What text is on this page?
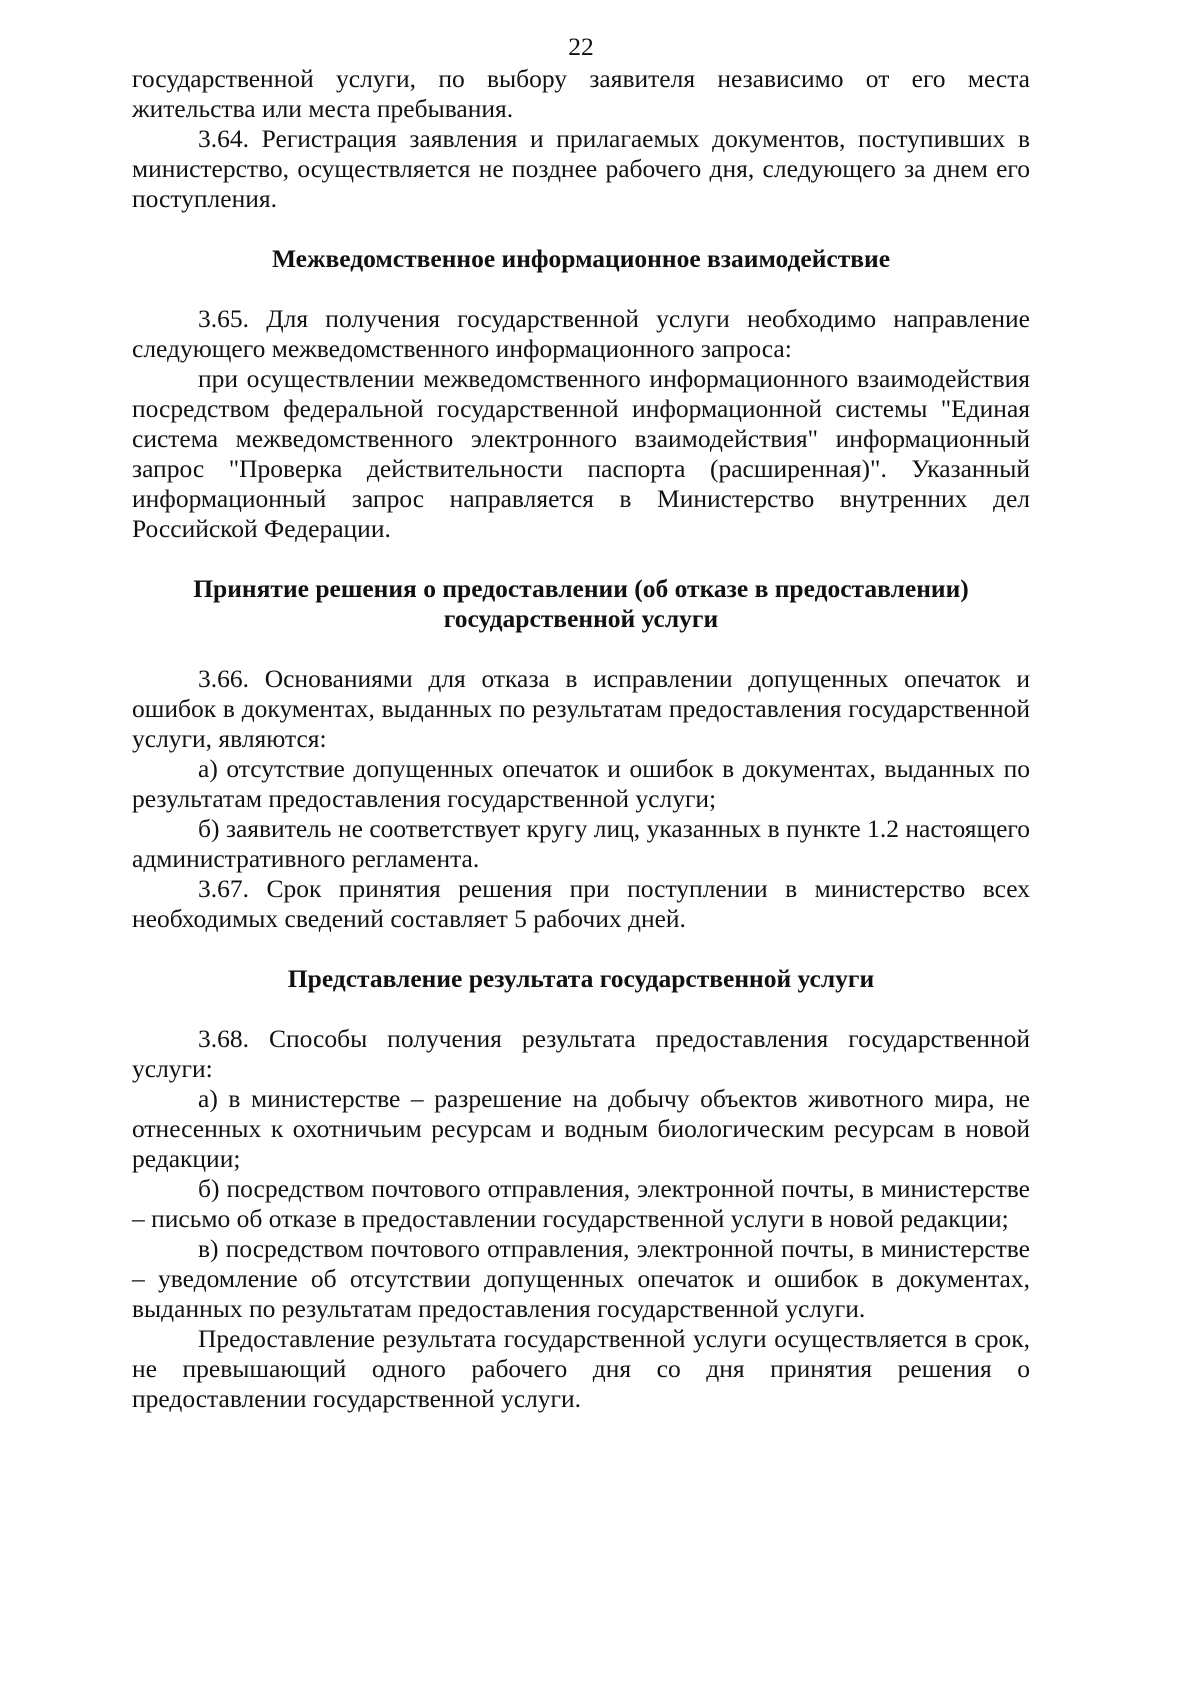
22

государственной услуги, по выбору заявителя независимо от его места жительства или места пребывания.

3.64. Регистрация заявления и прилагаемых документов, поступивших в министерство, осуществляется не позднее рабочего дня, следующего за днем его поступления.

Межведомственное информационное взаимодействие

3.65. Для получения государственной услуги необходимо направление следующего межведомственного информационного запроса:

при осуществлении межведомственного информационного взаимодействия посредством федеральной государственной информационной системы "Единая система межведомственного электронного взаимодействия" информационный запрос "Проверка действительности паспорта (расширенная)". Указанный информационный запрос направляется в Министерство внутренних дел Российской Федерации.

Принятие решения о предоставлении (об отказе в предоставлении) государственной услуги

3.66. Основаниями для отказа в исправлении допущенных опечаток и ошибок в документах, выданных по результатам предоставления государственной услуги, являются:

а) отсутствие допущенных опечаток и ошибок в документах, выданных по результатам предоставления государственной услуги;

б) заявитель не соответствует кругу лиц, указанных в пункте 1.2 настоящего административного регламента.

3.67. Срок принятия решения при поступлении в министерство всех необходимых сведений составляет 5 рабочих дней.

Представление результата государственной услуги

3.68. Способы получения результата предоставления государственной услуги:

а) в министерстве – разрешение на добычу объектов животного мира, не отнесенных к охотничьим ресурсам и водным биологическим ресурсам в новой редакции;

б) посредством почтового отправления, электронной почты, в министерстве – письмо об отказе в предоставлении государственной услуги в новой редакции;

в) посредством почтового отправления, электронной почты, в министерстве – уведомление об отсутствии допущенных опечаток и ошибок в документах, выданных по результатам предоставления государственной услуги.

Предоставление результата государственной услуги осуществляется в срок, не превышающий одного рабочего дня со дня принятия решения о предоставлении государственной услуги.
